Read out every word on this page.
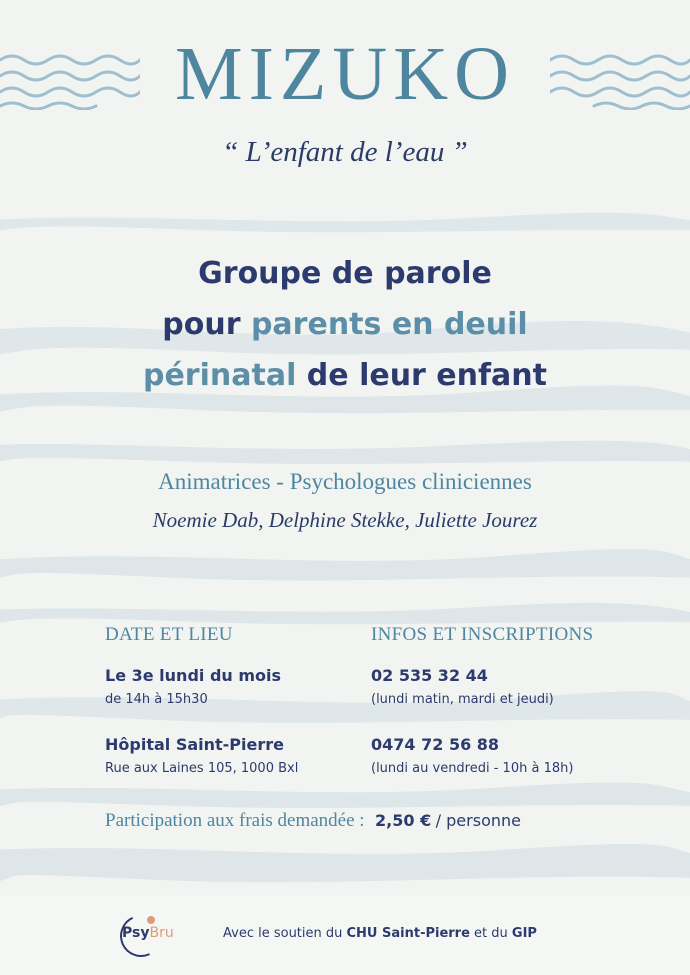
MIZUKO
“ L’enfant de l’eau ”
Groupe de parole
pour parents en deuil
périnatal de leur enfant
Animatrices - Psychologues cliniciennes
Noemie Dab, Delphine Stekke, Juliette Jourez
DATE ET LIEU
Le 3e lundi du mois
de 14h à 15h30
Hôpital Saint-Pierre
Rue aux Laines 105, 1000 Bxl
INFOS ET INSCRIPTIONS
02 535 32 44
(lundi matin, mardi et jeudi)
0474 72 56 88
(lundi au vendredi - 10h à 18h)
Participation aux frais demandée : 2,50 € / personne
PsyBru	Avec le soutien du CHU Saint-Pierre et du GIP
